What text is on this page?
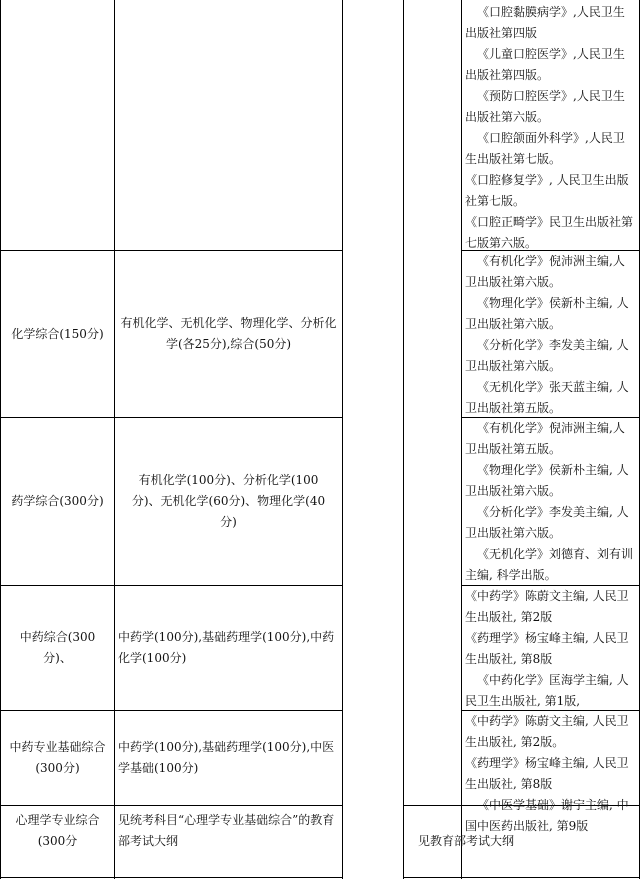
《口腔黏膜病学》,人民卫生出版社第四版

《儿童口腔医学》,人民卫生出版社第四版。

《预防口腔医学》,人民卫生出版社第六版。

《口腔颌面外科学》,人民卫生出版社第七版。

《口腔修复学》, 人民卫生出版社第七版。

《口腔正畸学》民卫生出版社第七版第六版。

化学综合(150分)
有机化学、无机化学、物理化学、分析化学(各25分),综合(50分)

《有机化学》倪沛洲主编,人卫出版社第六版。

《物理化学》侯新朴主编, 人卫出版社第六版。

《分析化学》李发美主编, 人卫出版社第六版。

《无机化学》张天蓝主编, 人卫出版社第五版。

药学综合(300分)
有机化学(100分)、分析化学(100分)、无机化学(60分)、物理化学(40分)

《有机化学》倪沛洲主编,人卫出版社第五版。

《物理化学》侯新朴主编, 人卫出版社第六版。

《分析化学》李发美主编, 人卫出版社第六版。

《无机化学》刘德育、刘有训主编, 科学出版。

中药综合(300分)、
中药学(100分),基础药理学(100分),中药化学(100分)

《中药学》陈蔚文主编, 人民卫生出版社, 第2版

《药理学》杨宝峰主编, 人民卫生出版社, 第8版

《中药化学》匡海学主编, 人民卫生出版社, 第1版,

中药专业基础综合(300分)
中药学(100分),基础药理学(100分),中医学基础(100分)

《中药学》陈蔚文主编, 人民卫生出版社, 第2版。

《药理学》杨宝峰主编, 人民卫生出版社, 第8版

《中医学基础》谢宁主编, 中国中医药出版社, 第9版

心理学专业综合(300分
见统考科目“心理学专业基础综合”的教育部考试大纲	见教育部考试大纲
